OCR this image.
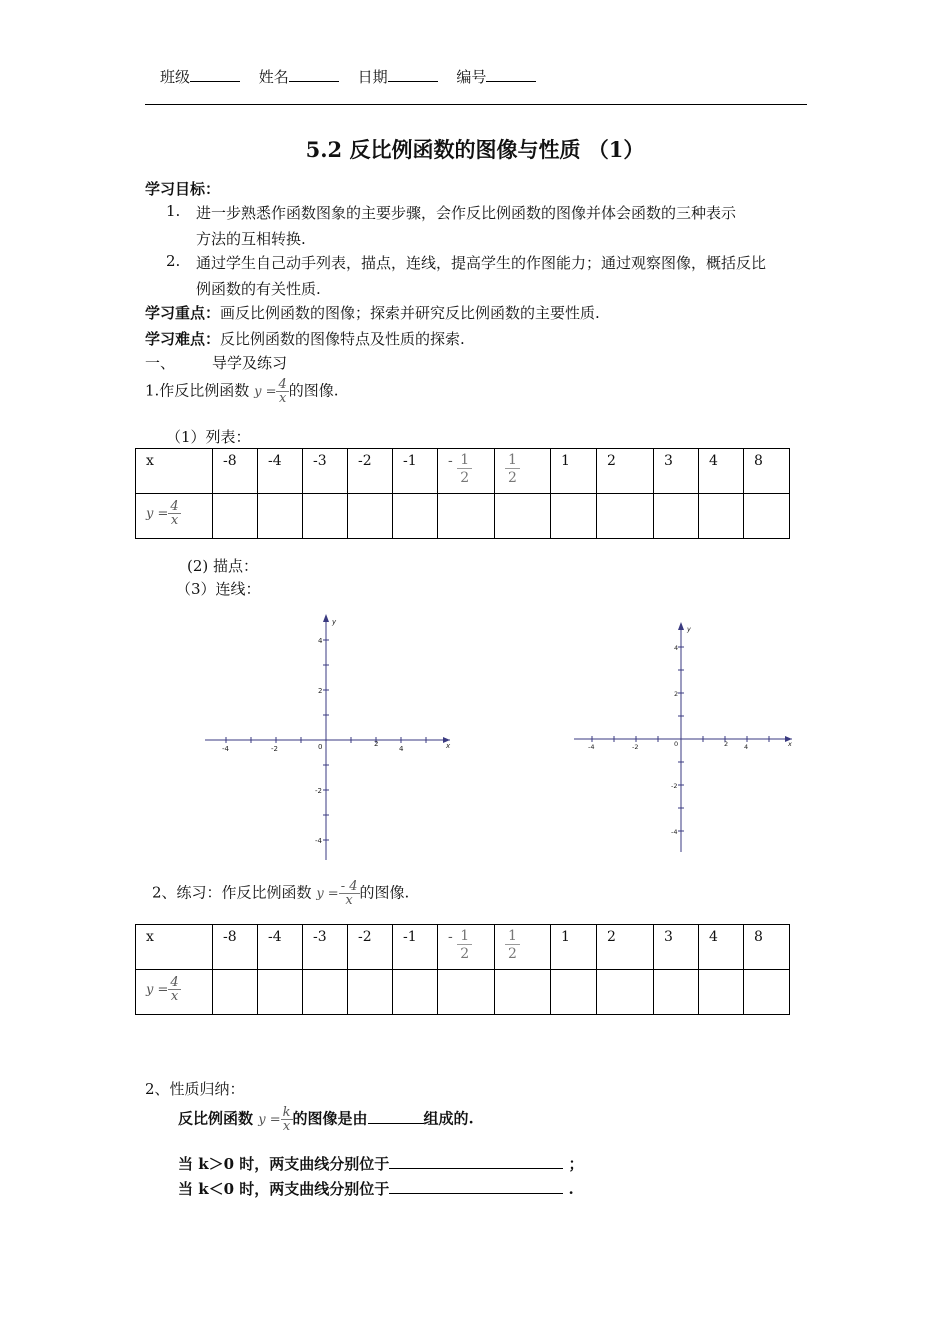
班级	姓名	日期	编号
5.2 反比例函数的图像与性质 （1）
学习目标：
1. 进一步熟悉作函数图象的主要步骤，会作反比例函数的图像并体会函数的三种表示
方法的互相转换.
2. 通过学生自己动手列表，描点，连线，提高学生的作图能力；通过观察图像，概括反比
例函数的有关性质.
学习重点：画反比例函数的图像；探索并研究反比例函数的主要性质.
学习难点：反比例函数的图像特点及性质的探索.
一、 导学及练习
1.作反比例函数 $y = \frac{4}{x}$ 的图像.
（1）列表：
x	-8	-4	-3	-2	-1	- $\frac{1}{2}$	$\frac{1}{2}$	1	2	3	4	8
$y = \frac{4}{x}$

(2) 描点：
（3）连线：
x
y
-4	-2	0	2
4
4
2
-2
-4
x
y
-4	-2	0	2 4
4
2
-2
-4
2、练习：作反比例函数 $y = \frac{- 4}{x}$ 的图像.
x	-8	-4	-3	-2	-1	- $\frac{1}{2}$	$\frac{1}{2}$	1	2	3	4	8
$y = \frac{4}{x}$

2、性质归纳：
反比例函数 $y = \frac{k}{x}$ 的图像是由	组成的.
当 k＞0 时，两支曲线分别位于	；
当 k＜0 时，两支曲线分别位于	.
